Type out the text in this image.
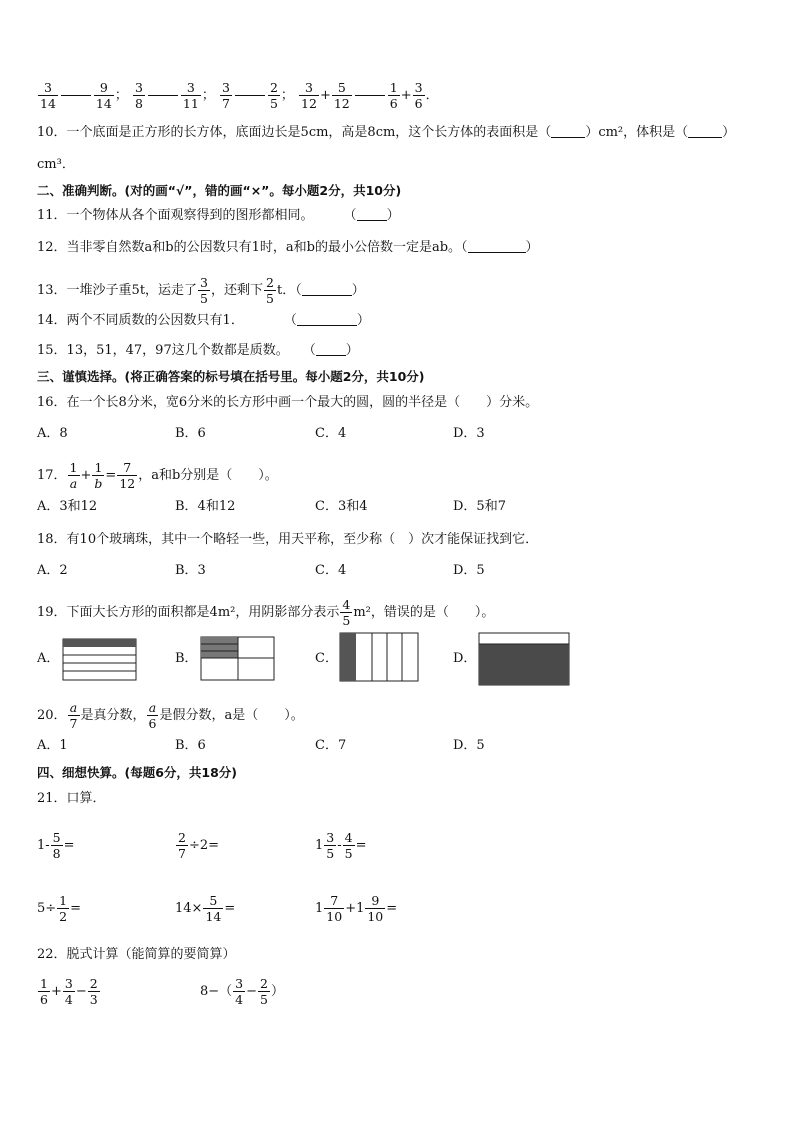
$\frac{3}{14}$	$\frac{9}{14}$ ； $\frac{3}{8}$	$\frac{3}{11}$ ； $\frac{3}{7}$	$\frac{2}{5}$ ； $\frac{3}{12} + \frac{5}{12}$	$\frac{1}{6} + \frac{3}{6}$ ．
10．一个底面是正方形的长方体，底面边长是5cm，高是8cm，这个长方体的表面积是（	）cm²，体积是（	）
cm³．
二、准确判断。(对的画“√”，错的画“×”。每小题2分，共10分)
11．一个物体从各个面观察得到的图形都相同。 （ ）
12．当非零自然数a和b的公因数只有1时，a和b的最小公倍数一定是ab。（	）
13．一堆沙子重5t，运走了 $\frac{3}{5}$ ，还剩下 $\frac{2}{5}$ t．（	）
14．两个不同质数的公因数只有1．	（	）
15．13，51，47，97这几个数都是质数。 （ ）
三、谨慎选择。(将正确答案的标号填在括号里。每小题2分，共10分)
16．在一个长8分米，宽6分米的长方形中画一个最大的圆，圆的半径是（　　）分米。
A．8	B．6	C．4	D．3
17． $\frac{1}{a} + \frac{1}{b} = \frac{7}{12}$ ，a和b分别是（　　）。
A．3和12	B．4和12	C．3和4	D．5和7
18．有10个玻璃珠，其中一个略轻一些，用天平称，至少称（　）次才能保证找到它．
A．2	B．3	C．4	D．5
19．下面大长方形的面积都是4m²，用阴影部分表示 $\frac{4}{5} m^2$，错误的是（　　）。
A．	B．	C．	D．
20． $\frac{a}{7}$ 是真分数， $\frac{a}{6}$ 是假分数，a是（　　）。
A．1	B．6	C．7	D．5
四、细想快算。(每题6分，共18分)
21．口算．
$1- \frac{5}{8}$ =	$\frac{2}{7} \div 2=$	$1 \frac{3}{5} - \frac{4}{5}$ =
$5\div \frac{1}{2}$ =	$14\times \frac{5}{14}$ =	$1 \frac{7}{10} +1 \frac{9}{10}$ =
22．脱式计算（能简算的要简算）
$\frac{1}{6} + \frac{3}{4} - \frac{2}{3}$	$8-( \frac{3}{4} - \frac{2}{5}$ ）
